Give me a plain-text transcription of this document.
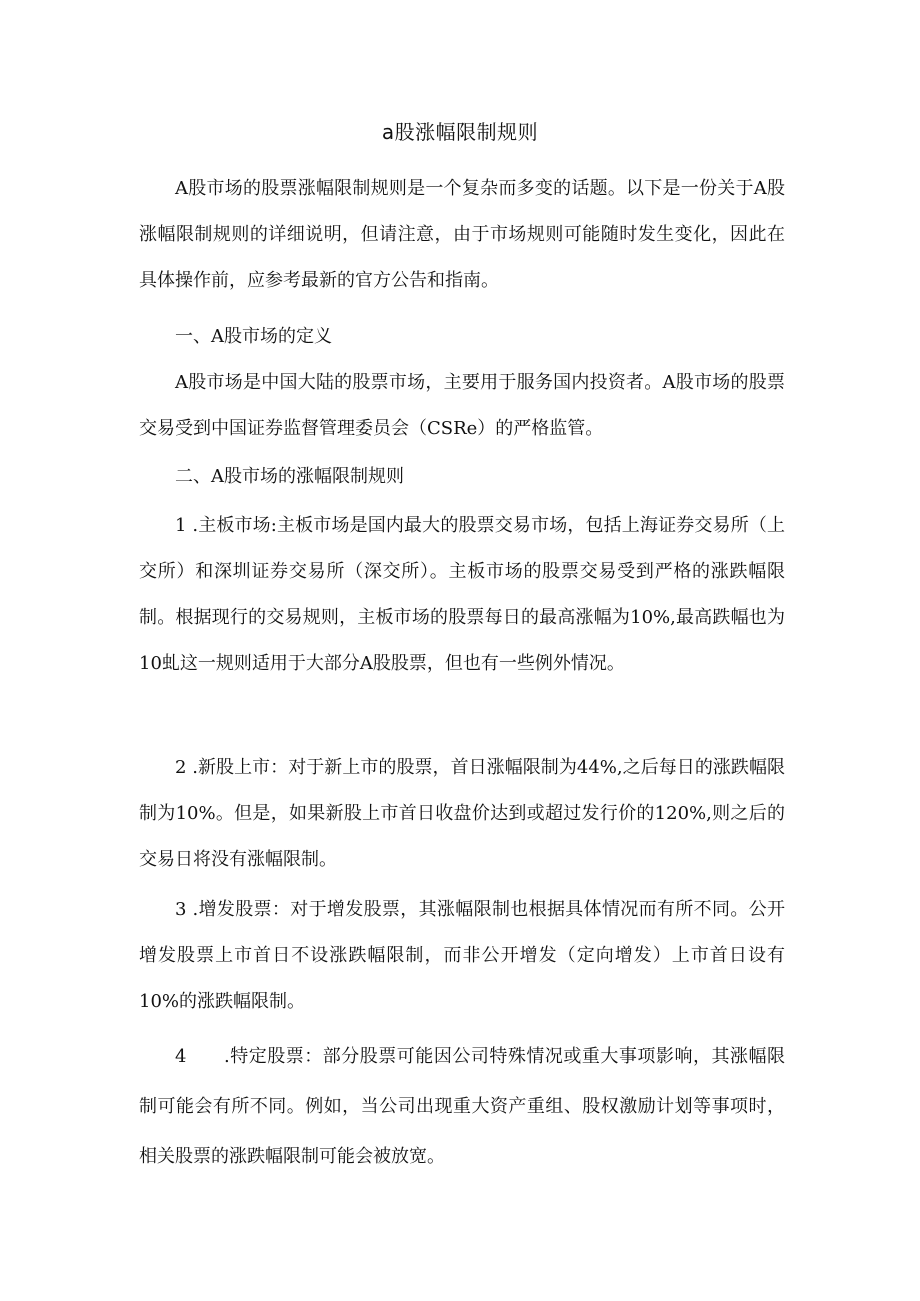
a股涨幅限制规则

A股市场的股票涨幅限制规则是一个复杂而多变的话题。以下是一份关于A股涨幅限制规则的详细说明，但请注意，由于市场规则可能随时发生变化，因此在具体操作前，应参考最新的官方公告和指南。

一、A股市场的定义

A股市场是中国大陆的股票市场，主要用于服务国内投资者。A股市场的股票交易受到中国证券监督管理委员会（CSRe）的严格监管。

二、A股市场的涨幅限制规则

1 .主板市场:主板市场是国内最大的股票交易市场，包括上海证券交易所（上交所）和深圳证券交易所（深交所）。主板市场的股票交易受到严格的涨跌幅限制。根据现行的交易规则，主板市场的股票每日的最高涨幅为10%,最高跌幅也为10虬这一规则适用于大部分A股股票，但也有一些例外情况。

2 .新股上市：对于新上市的股票，首日涨幅限制为44%,之后每日的涨跌幅限制为10%。但是，如果新股上市首日收盘价达到或超过发行价的120%,则之后的交易日将没有涨幅限制。

3 .增发股票：对于增发股票，其涨幅限制也根据具体情况而有所不同。公开增发股票上市首日不设涨跌幅限制，而非公开增发（定向增发）上市首日设有10%的涨跌幅限制。

4　　.特定股票：部分股票可能因公司特殊情况或重大事项影响，其涨幅限制可能会有所不同。例如，当公司出现重大资产重组、股权激励计划等事项时，相关股票的涨跌幅限制可能会被放宽。
